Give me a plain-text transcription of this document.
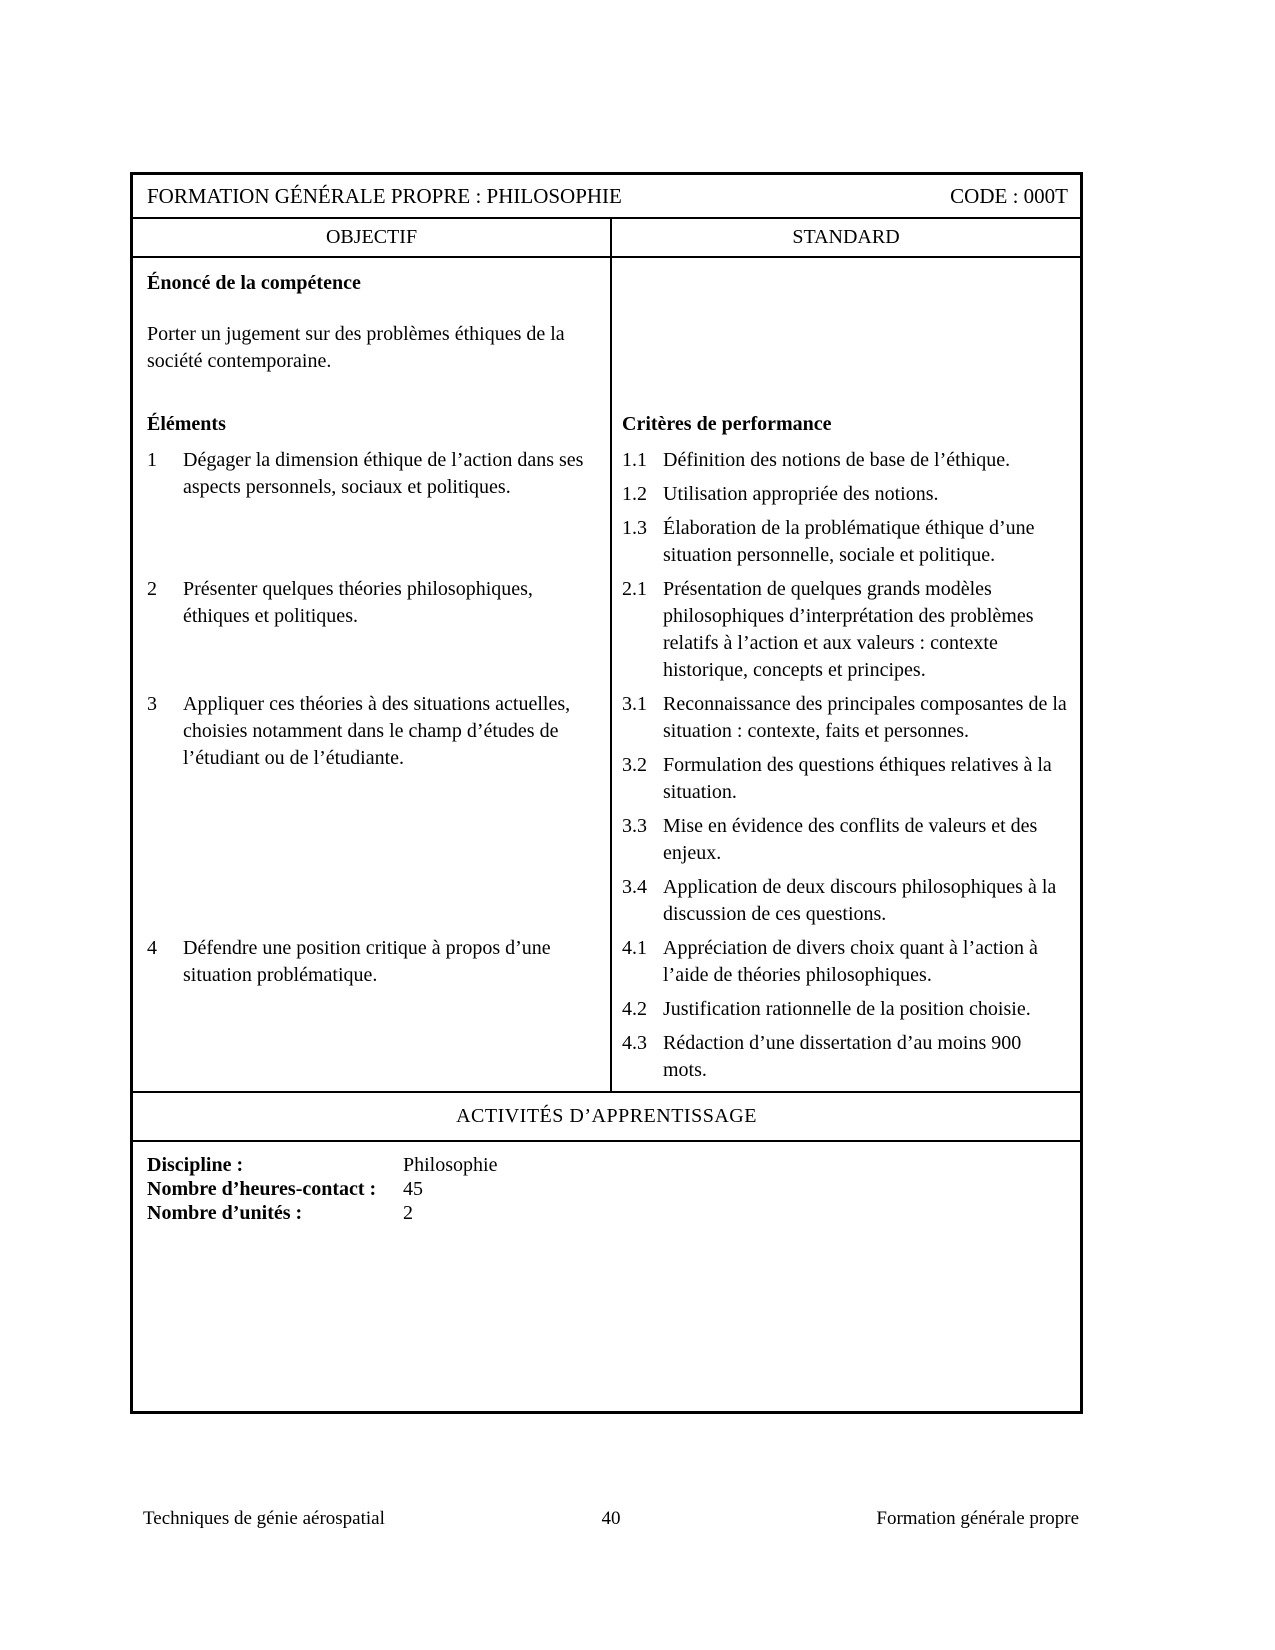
FORMATION GÉNÉRALE PROPRE : PHILOSOPHIE	CODE : 000T
OBJECTIF	STANDARD
Énoncé de la compétence

Porter un jugement sur des problèmes éthiques de la société contemporaine.

Éléments	Critères de performance
1	Dégager la dimension éthique de l’action dans ses aspects personnels, sociaux et politiques.
1.1 Définition des notions de base de l’éthique.
1.2 Utilisation appropriée des notions.
1.3 Élaboration de la problématique éthique d’une situation personnelle, sociale et politique.
2	Présenter quelques théories philosophiques, éthiques et politiques.
2.1 Présentation de quelques grands modèles philosophiques d’interprétation des problèmes relatifs à l’action et aux valeurs : contexte historique, concepts et principes.
3	Appliquer ces théories à des situations actuelles, choisies notamment dans le champ d’études de l’étudiant ou de l’étudiante.
3.1 Reconnaissance des principales composantes de la situation : contexte, faits et personnes.
3.2 Formulation des questions éthiques relatives à la situation.
3.3 Mise en évidence des conflits de valeurs et des enjeux.
3.4 Application de deux discours philosophiques à la discussion de ces questions.
4	Défendre une position critique à propos d’une situation problématique.
4.1 Appréciation de divers choix quant à l’action à l’aide de théories philosophiques.
4.2 Justification rationnelle de la position choisie.
4.3 Rédaction d’une dissertation d’au moins 900 mots.
ACTIVITÉS D’APPRENTISSAGE
Discipline :	Philosophie
Nombre d’heures-contact :	45
Nombre d’unités :	2
Techniques de génie aérospatial	40	Formation générale propre
